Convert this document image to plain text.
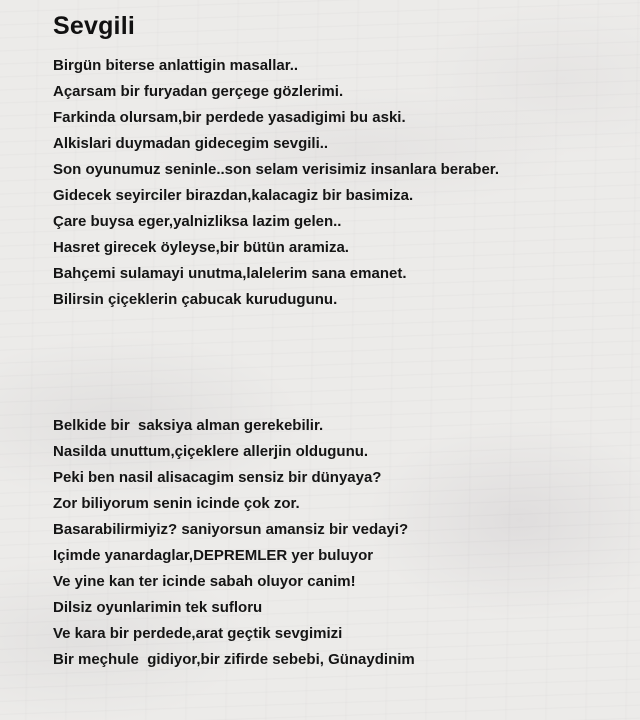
Sevgili
Birgün biterse anlattigin masallar..
Açarsam bir furyadan gerçege gözlerimi.
Farkinda olursam,bir perdede yasadigimi bu aski.
Alkislari duymadan gidecegim sevgili..
Son oyunumuz seninle..son selam verisimiz insanlara beraber.
Gidecek seyirciler birazdan,kalacagiz bir basimiza.
Çare buysa eger,yalnizliksa lazim gelen..
Hasret girecek öyleyse,bir bütün aramiza.
Bahçemi sulamayi unutma,lalelerim sana emanet.
Bilirsin çiçeklerin çabucak kurudugunu.
Belkide bir  saksiya alman gerekebilir.
Nasilda unuttum,çiçeklere allerjin oldugunu.
Peki ben nasil alisacagim sensiz bir dünyaya?
Zor biliyorum senin icinde çok zor.
Basarabilirmiyiz? saniyorsun amansiz bir vedayi?
Içimde yanardaglar,DEPREMLER yer buluyor
Ve yine kan ter icinde sabah oluyor canim!
Dilsiz oyunlarimin tek sufloru
Ve kara bir perdede,arat geçtik sevgimizi
Bir meçhule  gidiyor,bir zifirde sebebi, Günaydinim
